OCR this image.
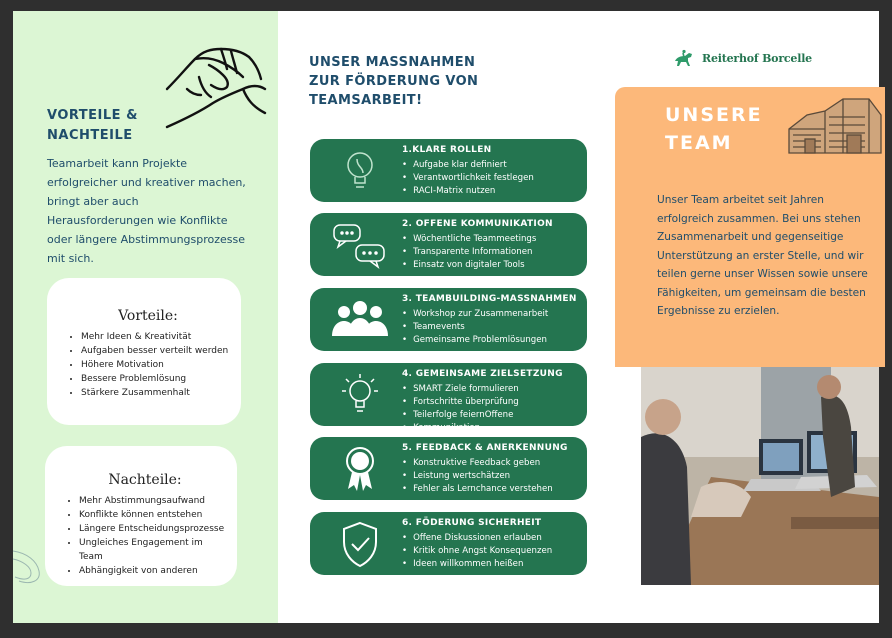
VORTEILE &
NACHTEILE
Teamarbeit kann Projekte erfolgreicher und kreativer machen, bringt aber auch Herausforderungen wie Konflikte oder längere Abstimmungsprozesse mit sich.
Vorteile:
• Mehr Ideen & Kreativität
• Aufgaben besser verteilt werden
• Höhere Motivation
• Bessere Problemlösung
• Stärkere Zusammenhalt
Nachteile:
• Mehr Abstimmungsaufwand
• Konflikte können entstehen
• Längere Entscheidungsprozesse
• Ungleiches Engagement im Team
• Abhängigkeit von anderen
UNSER MASSNAHMEN
ZUR FÖRDERUNG VON
TEAMSARBEIT!
1.KLARE ROLLEN
• Aufgabe klar definiert
• Verantwortlichkeit festlegen
• RACI-Matrix nutzen
2. OFFENE KOMMUNIKATION
• Wöchentliche Teammeetings
• Transparente Informationen
• Einsatz von digitaler Tools
3. TEAMBUILDING-MASSNAHMEN
• Workshop zur Zusammenarbeit
• Teamevents
• Gemeinsame Problemlösungen
4. GEMEINSAME ZIELSETZUNG
• SMART Ziele formulieren
• Fortschritte überprüfung
• Teilerfolge feiernOffene
• Kommunikation
5. FEEDBACK & ANERKENNUNG
• Konstruktive Feedback geben
• Leistung wertschätzen
• Fehler als Lernchance verstehen
6. FÖDERUNG SICHERHEIT
• Offene Diskussionen erlauben
• Kritik ohne Angst Konsequenzen
• Ideen willkommen heißen
Reiterhof Borcelle
UNSERE
TEAM
Unser Team arbeitet seit Jahren erfolgreich zusammen. Bei uns stehen Zusammenarbeit und gegenseitige Unterstützung an erster Stelle, und wir teilen gerne unser Wissen sowie unsere Fähigkeiten, um gemeinsam die besten Ergebnisse zu erzielen.
